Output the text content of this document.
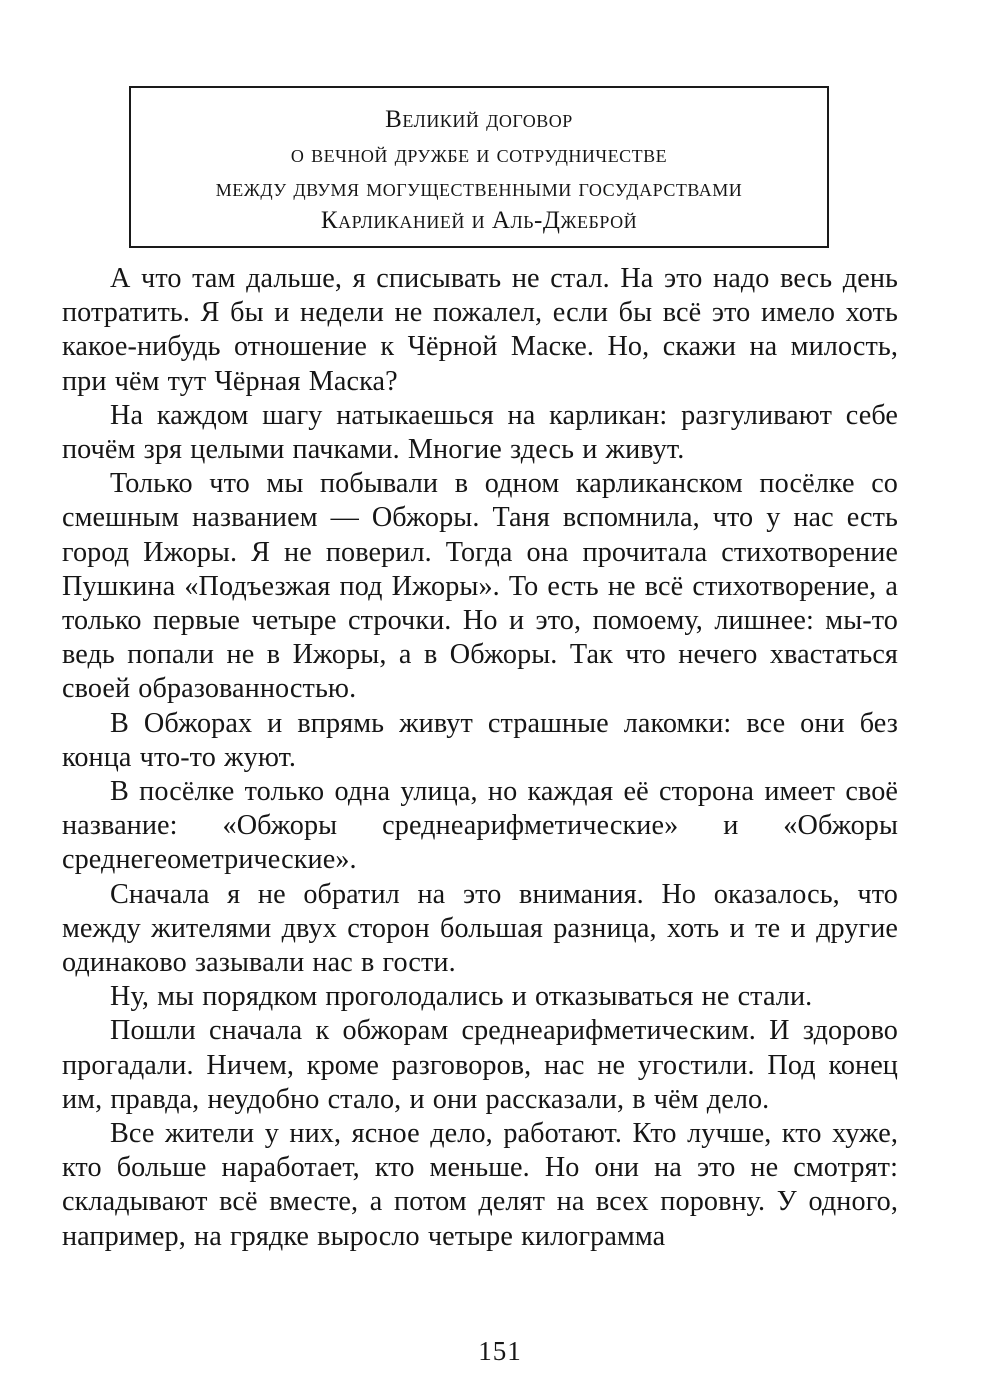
Великий договор
о вечной дружбе и сотрудничестве
между двумя могущественными государствами
Карликанией и Аль-Джеброй

А что там дальше, я списывать не стал. На это надо весь день потратить. Я бы и недели не пожалел, если бы всё это имело хоть какое-нибудь отношение к Чёрной Маске. Но, скажи на милость, при чём тут Чёрная Маска?

На каждом шагу натыкаешься на карликан: разгуливают себе почём зря целыми пачками. Многие здесь и живут.

Только что мы побывали в одном карликанском посёлке со смешным названием — Обжоры. Таня вспомнила, что у нас есть город Ижоры. Я не поверил. Тогда она прочитала стихотворение Пушкина «Подъезжая под Ижоры». То есть не всё стихотворение, а только первые четыре строчки. Но и это, помоему, лишнее: мы-то ведь попали не в Ижоры, а в Обжоры. Так что нечего хвастаться своей образованностью.

В Обжорах и впрямь живут страшные лакомки: все они без конца что-то жуют.

В посёлке только одна улица, но каждая её сторона имеет своё название: «Обжоры среднеарифметические» и «Обжоры среднегеометрические».

Сначала я не обратил на это внимания. Но оказалось, что между жителями двух сторон большая разница, хоть и те и другие одинаково зазывали нас в гости.

Ну, мы порядком проголодались и отказываться не стали.

Пошли сначала к обжорам среднеарифметическим. И здорово прогадали. Ничем, кроме разговоров, нас не угостили. Под конец им, правда, неудобно стало, и они рассказали, в чём дело.

Все жители у них, ясное дело, работают. Кто лучше, кто хуже, кто больше наработает, кто меньше. Но они на это не смотрят: складывают всё вместе, а потом делят на всех поровну. У одного, например, на грядке выросло четыре килограмма

151
